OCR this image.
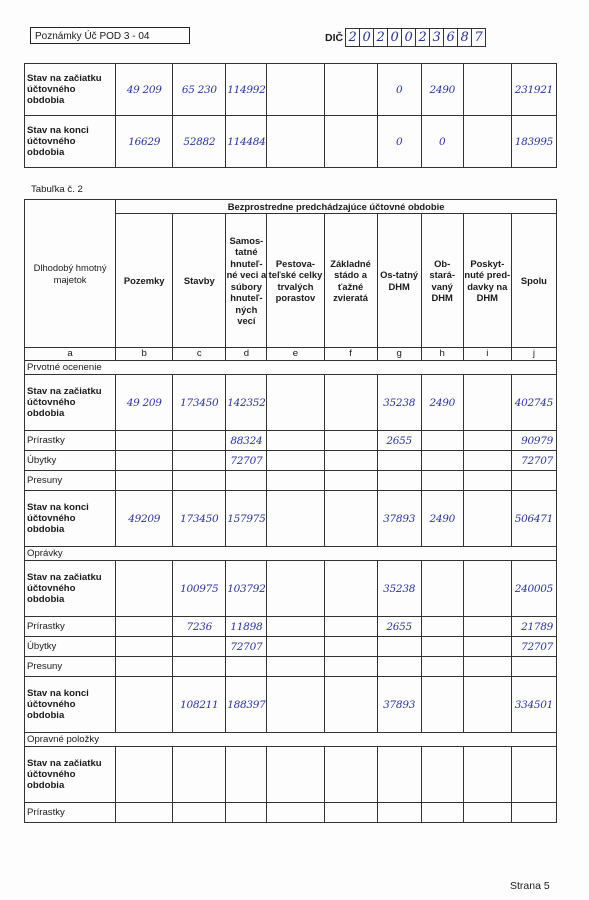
Poznámky Úč POD 3 - 04	DIČ 2 0 2 0 0 2 3 6 8 7
Stav na začiatku účtovného obdobia	49 209	65 230	114992			0	2490		231921
Stav na konci účtovného obdobia	16629	52882	114484			0	0		183995
Tabuľka č. 2
Dlhodobý hmotný majetok	Bezprostredne predchádzajúce účtovné obdobie								
	Pozemky	Stavby	Samos-tatné hnuteľ-né veci a súbory hnuteľ-ných vecí	Pestova-teľské celky trvalých porastov	Základné stádo a ťažné zvieratá	Os-tatný DHM	Ob-stará-vaný DHM	Poskyt-nuté pred-davky na DHM	Spolu
a	b	c	d	e	f	g	h	i	j
Prvotné ocenenie									
Stav na začiatku účtovného obdobia	49 209	173450	142352			35238	2490		402745
Prírastky			88324			2655			90979
Úbytky			72707						72707
Presuny									
Stav na konci účtovného obdobia	49209	173450	157975			37893	2490		506471
Oprávky									
Stav na začiatku účtovného obdobia		100975	103792			35238			240005
Prírastky		7236	11898			2655			21789
Úbytky			72707						72707
Presuny									
Stav na konci účtovného obdobia		108211	188397			37893			334501
Opravné položky									
Stav na začiatku účtovného obdobia									
Prírastky									
Strana 5
